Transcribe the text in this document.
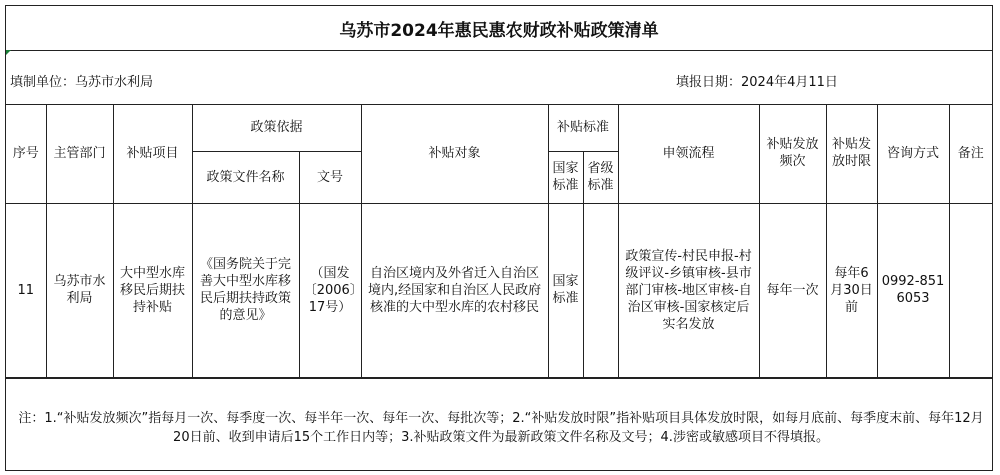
乌苏市2024年惠民惠农财政补贴政策清单
填制单位：乌苏市水利局	填报日期：2024年4月11日
序号	主管部门	补贴项目	政策依据		补贴对象	补贴标准		申领流程	补贴发放频次	补贴发放时限	咨询方式	备注
			政策文件名称	文号		国家标准	省级标准					
11	乌苏市水利局	大中型水库移民后期扶持补贴	《国务院关于完善大中型水库移民后期扶持政策的意见》	（国发〔2006〕17号）	自治区境内及外省迁入自治区境内,经国家和自治区人民政府核准的大中型水库的农村移民	国家标准		政策宣传-村民申报-村级评议-乡镇审核-县市部门审核-地区审核-自治区审核-国家核定后实名发放	每年一次	每年6月30日前	0992-8516053	
注：1.“补贴发放频次”指每月一次、每季度一次、每半年一次、每年一次、每批次等；2.“补贴发放时限”指补贴项目具体发放时限，如每月底前、每季度末前、每年12月20日前、收到申请后15个工作日内等；3.补贴政策文件为最新政策文件名称及文号；4.涉密或敏感项目不得填报。
